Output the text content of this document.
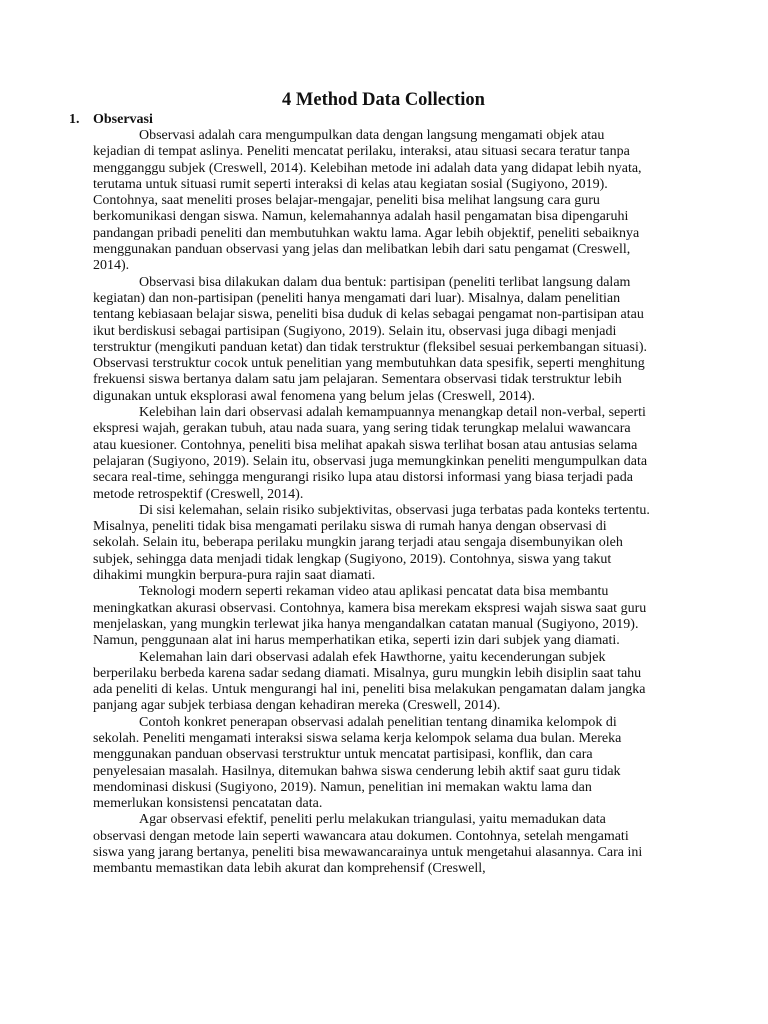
4 Method Data Collection
1. Observasi

Observasi adalah cara mengumpulkan data dengan langsung mengamati objek atau kejadian di tempat aslinya. Peneliti mencatat perilaku, interaksi, atau situasi secara teratur tanpa mengganggu subjek (Creswell, 2014). Kelebihan metode ini adalah data yang didapat lebih nyata, terutama untuk situasi rumit seperti interaksi di kelas atau kegiatan sosial (Sugiyono, 2019). Contohnya, saat meneliti proses belajar-mengajar, peneliti bisa melihat langsung cara guru berkomunikasi dengan siswa. Namun, kelemahannya adalah hasil pengamatan bisa dipengaruhi pandangan pribadi peneliti dan membutuhkan waktu lama. Agar lebih objektif, peneliti sebaiknya menggunakan panduan observasi yang jelas dan melibatkan lebih dari satu pengamat (Creswell, 2014).

Observasi bisa dilakukan dalam dua bentuk: partisipan (peneliti terlibat langsung dalam kegiatan) dan non-partisipan (peneliti hanya mengamati dari luar). Misalnya, dalam penelitian tentang kebiasaan belajar siswa, peneliti bisa duduk di kelas sebagai pengamat non-partisipan atau ikut berdiskusi sebagai partisipan (Sugiyono, 2019). Selain itu, observasi juga dibagi menjadi terstruktur (mengikuti panduan ketat) dan tidak terstruktur (fleksibel sesuai perkembangan situasi). Observasi terstruktur cocok untuk penelitian yang membutuhkan data spesifik, seperti menghitung frekuensi siswa bertanya dalam satu jam pelajaran. Sementara observasi tidak terstruktur lebih digunakan untuk eksplorasi awal fenomena yang belum jelas (Creswell, 2014).

Kelebihan lain dari observasi adalah kemampuannya menangkap detail non-verbal, seperti ekspresi wajah, gerakan tubuh, atau nada suara, yang sering tidak terungkap melalui wawancara atau kuesioner. Contohnya, peneliti bisa melihat apakah siswa terlihat bosan atau antusias selama pelajaran (Sugiyono, 2019). Selain itu, observasi juga memungkinkan peneliti mengumpulkan data secara real-time, sehingga mengurangi risiko lupa atau distorsi informasi yang biasa terjadi pada metode retrospektif (Creswell, 2014).

Di sisi kelemahan, selain risiko subjektivitas, observasi juga terbatas pada konteks tertentu. Misalnya, peneliti tidak bisa mengamati perilaku siswa di rumah hanya dengan observasi di sekolah. Selain itu, beberapa perilaku mungkin jarang terjadi atau sengaja disembunyikan oleh subjek, sehingga data menjadi tidak lengkap (Sugiyono, 2019). Contohnya, siswa yang takut dihakimi mungkin berpura-pura rajin saat diamati.

Teknologi modern seperti rekaman video atau aplikasi pencatat data bisa membantu meningkatkan akurasi observasi. Contohnya, kamera bisa merekam ekspresi wajah siswa saat guru menjelaskan, yang mungkin terlewat jika hanya mengandalkan catatan manual (Sugiyono, 2019). Namun, penggunaan alat ini harus memperhatikan etika, seperti izin dari subjek yang diamati.

Kelemahan lain dari observasi adalah efek Hawthorne, yaitu kecenderungan subjek berperilaku berbeda karena sadar sedang diamati. Misalnya, guru mungkin lebih disiplin saat tahu ada peneliti di kelas. Untuk mengurangi hal ini, peneliti bisa melakukan pengamatan dalam jangka panjang agar subjek terbiasa dengan kehadiran mereka (Creswell, 2014).

Contoh konkret penerapan observasi adalah penelitian tentang dinamika kelompok di sekolah. Peneliti mengamati interaksi siswa selama kerja kelompok selama dua bulan. Mereka menggunakan panduan observasi terstruktur untuk mencatat partisipasi, konflik, dan cara penyelesaian masalah. Hasilnya, ditemukan bahwa siswa cenderung lebih aktif saat guru tidak mendominasi diskusi (Sugiyono, 2019). Namun, penelitian ini memakan waktu lama dan memerlukan konsistensi pencatatan data.

Agar observasi efektif, peneliti perlu melakukan triangulasi, yaitu memadukan data observasi dengan metode lain seperti wawancara atau dokumen. Contohnya, setelah mengamati siswa yang jarang bertanya, peneliti bisa mewawancarainya untuk mengetahui alasannya. Cara ini membantu memastikan data lebih akurat dan komprehensif (Creswell,
